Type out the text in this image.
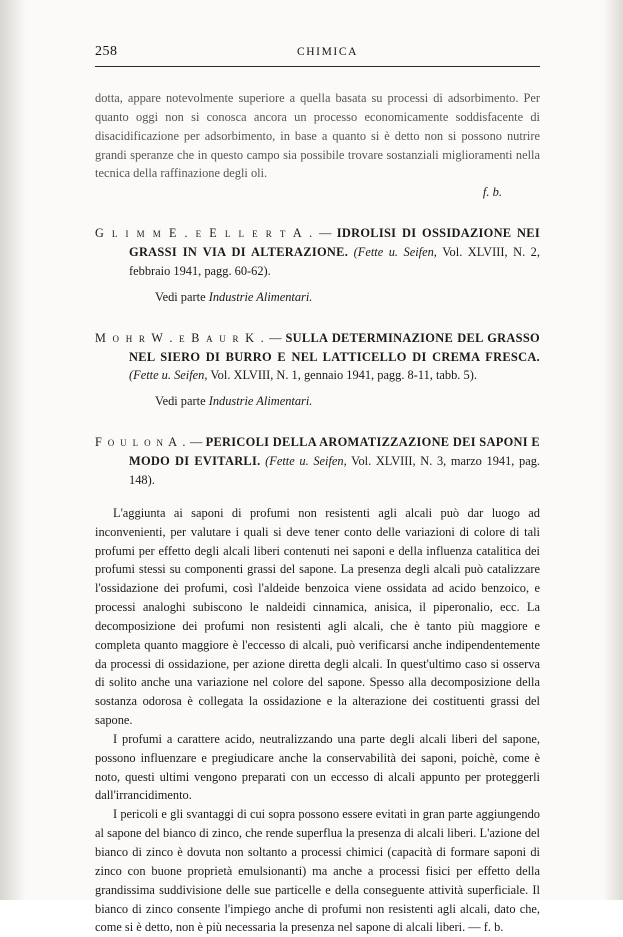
258	CHIMICA

dotta, appare notevolmente superiore a quella basata su processi di adsorbimento. Per quanto oggi non si conosca ancora un processo economicamente soddisfacente di disacidificazione per adsorbimento, in base a quanto si è detto non si possono nutrire grandi speranze che in questo campo sia possibile trovare sostanziali miglioramenti nella tecnica della raffinazione degli oli.

f. b.

G l i m m E . e E l l e r t A . — IDROLISI DI OSSIDAZIONE NEI GRASSI IN VIA DI ALTERAZIONE. (Fette u. Seifen, Vol. XLVIII, N. 2, febbraio 1941, pagg. 60-62).

Vedi parte Industrie Alimentari.

M o h r W . e B a u r K . — SULLA DETERMINAZIONE DEL GRASSO NEL SIERO DI BURRO E NEL LATTICELLO DI CREMA FRESCA. (Fette u. Seifen, Vol. XLVIII, N. 1, gennaio 1941, pagg. 8-11, tabb. 5).

Vedi parte Industrie Alimentari.

F o u l o n A . — PERICOLI DELLA AROMATIZZAZIONE DEI SAPONI E MODO DI EVITARLI. (Fette u. Seifen, Vol. XLVIII, N. 3, marzo 1941, pag. 148).

L'aggiunta ai saponi di profumi non resistenti agli alcali può dar luogo ad inconvenienti, per valutare i quali si deve tener conto delle variazioni di colore di tali profumi per effetto degli alcali liberi contenuti nei saponi e della influenza catalitica dei profumi stessi su componenti grassi del sapone. La presenza degli alcali può catalizzare l'ossidazione dei profumi, così l'aldeide benzoica viene ossidata ad acido benzoico, e processi analoghi subiscono le naldeidi cinnamica, anisica, il piperonalio, ecc. La decomposizione dei profumi non resistenti agli alcali, che è tanto più maggiore e completa quanto maggiore è l'eccesso di alcali, può verificarsi anche indipendentemente da processi di ossidazione, per azione diretta degli alcali. In quest'ultimo caso si osserva di solito anche una variazione nel colore del sapone. Spesso alla decomposizione della sostanza odorosa è collegata la ossidazione e la alterazione dei costituenti grassi del sapone.

I profumi a carattere acido, neutralizzando una parte degli alcali liberi del sapone, possono influenzare e pregiudicare anche la conservabilità dei saponi, poichè, come è noto, questi ultimi vengono preparati con un eccesso di alcali appunto per proteggerli dall'irrancidimento.

I pericoli e gli svantaggi di cui sopra possono essere evitati in gran parte aggiungendo al sapone del bianco di zinco, che rende superflua la presenza di alcali liberi. L'azione del bianco di zinco è dovuta non soltanto a processi chimici (capacità di formare saponi di zinco con buone proprietà emulsionanti) ma anche a processi fisici per effetto della grandissima suddivisione delle sue particelle e della conseguente attività superficiale. Il bianco di zinco consente l'impiego anche di profumi non resistenti agli alcali, dato che, come si è detto, non è più necessaria la presenza nel sapone di alcali liberi. — f. b.
